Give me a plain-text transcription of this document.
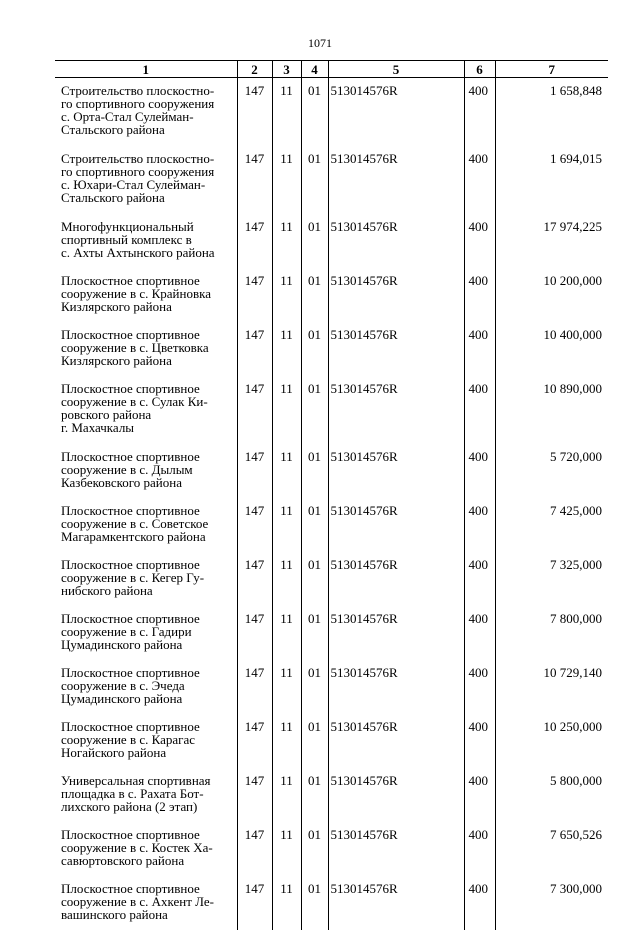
1071
1	2	3	4	5	6	7
Строительство плоскостно-
го спортивного сооружения
с. Орта-Стал Сулейман-
Стальского района	147	11	01	513014576R	400	1 658,848
Строительство плоскостно-
го спортивного сооружения
с. Юхари-Стал Сулейман-
Стальского района	147	11	01	513014576R	400	1 694,015
Многофункциональный
спортивный комплекс в
с. Ахты Ахтынского района	147	11	01	513014576R	400	17 974,225
Плоскостное спортивное
сооружение в с. Крайновка
Кизлярского района	147	11	01	513014576R	400	10 200,000
Плоскостное спортивное
сооружение в с. Цветковка
Кизлярского района	147	11	01	513014576R	400	10 400,000
Плоскостное спортивное
сооружение в с. Сулак Ки-
ровского района
г. Махачкалы	147	11	01	513014576R	400	10 890,000
Плоскостное спортивное
сооружение в с. Дылым
Казбековского района	147	11	01	513014576R	400	5 720,000
Плоскостное спортивное
сооружение в с. Советское
Магарамкентского района	147	11	01	513014576R	400	7 425,000
Плоскостное спортивное
сооружение в с. Кегер Гу-
нибского района	147	11	01	513014576R	400	7 325,000
Плоскостное спортивное
сооружение в с. Гадири
Цумадинского района	147	11	01	513014576R	400	7 800,000
Плоскостное спортивное
сооружение в с. Эчеда
Цумадинского района	147	11	01	513014576R	400	10 729,140
Плоскостное спортивное
сооружение в с. Карагас
Ногайского района	147	11	01	513014576R	400	10 250,000
Универсальная спортивная
площадка в с. Рахата Бот-
лихского района (2 этап)	147	11	01	513014576R	400	5 800,000
Плоскостное спортивное
сооружение в с. Костек Ха-
савюртовского района	147	11	01	513014576R	400	7 650,526
Плоскостное спортивное
сооружение в с. Ахкент Ле-
вашинского района	147	11	01	513014576R	400	7 300,000
